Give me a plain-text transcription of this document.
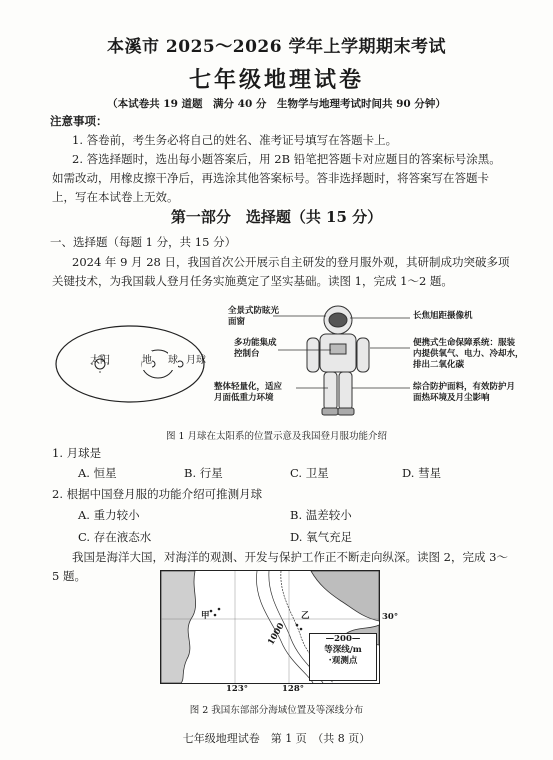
本溪市 2025～2026 学年上学期期末考试
七年级地理试卷
（本试卷共 19 道题　满分 40 分　生物学与地理考试时间共 90 分钟）
注意事项：
1. 答卷前，考生务必将自己的姓名、准考证号填写在答题卡上。
2. 答选择题时，选出每小题答案后，用 2B 铅笔把答题卡对应题目的答案标号涂黑。
如需改动，用橡皮擦干净后，再选涂其他答案标号。答非选择题时，将答案写在答题卡
上，写在本试卷上无效。
第一部分　选择题（共 15 分）
一、选择题（每题 1 分，共 15 分）
2024 年 9 月 28 日，我国首次公开展示自主研发的登月服外观，其研制成功突破多项
关键技术，为我国载人登月任务实施奠定了坚实基础。读图 1，完成 1～2 题。
太阳	地 球 月球
全景式防眩光
面窗
多功能集成
控制台
整体轻量化，适应
月面低重力环境
长焦旭距摄像机
便携式生命保障系统：服装
内提供氧气、电力、冷却水，
排出二氧化碳
综合防护面料，有效防护月
面热环境及月尘影响
图 1 月球在太阳系的位置示意及我国登月服功能介绍
1. 月球是
A. 恒星	B. 行星	C. 卫星	D. 彗星
2. 根据中国登月服的功能介绍可推测月球
A. 重力较小	B. 温差较小
C. 存在液态水	D. 氧气充足
我国是海洋大国，对海洋的观测、开发与保护工作正不断走向纵深。读图 2，完成 3～
5 题。
甲	乙
1000	—200—
等深线/m
·观测点
30°
123°	128°
图 2 我国东部部分海域位置及等深线分布
七年级地理试卷　第 1 页　（共 8 页）
